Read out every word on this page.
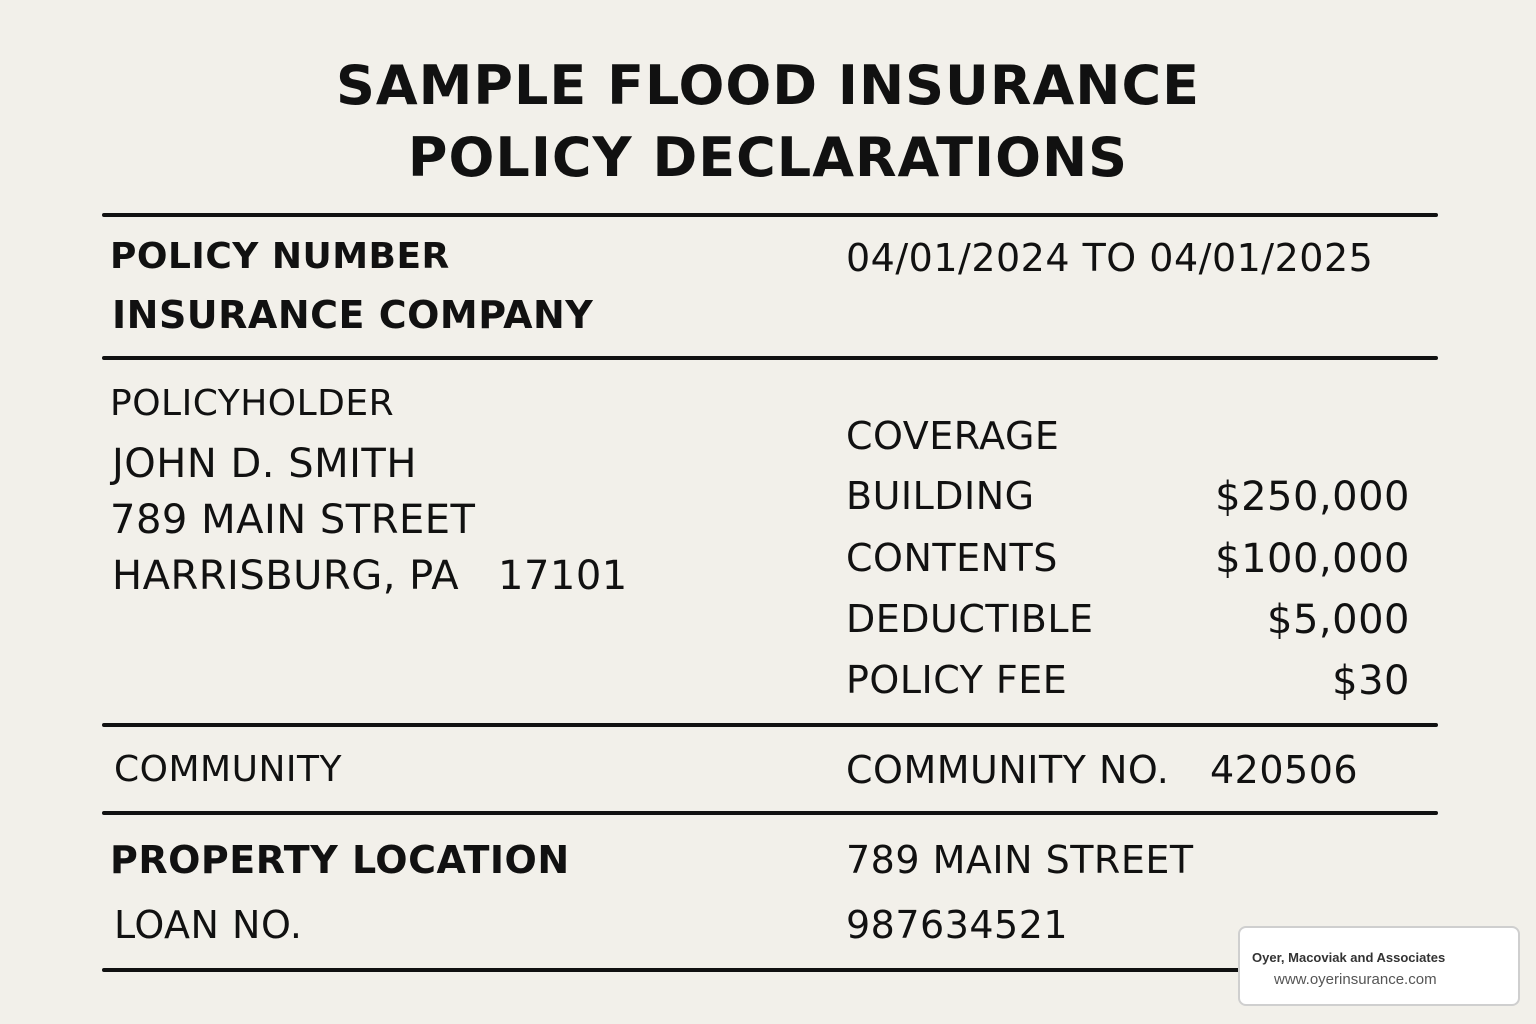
SAMPLE FLOOD INSURANCE
POLICY DECLARATIONS
POLICY NUMBER	04/01/2024 TO 04/01/2025
INSURANCE COMPANY
POLICYHOLDER
JOHN D. SMITH
789 MAIN STREET
HARRISBURG, PA 17101
COVERAGE
BUILDING	$250,000
CONTENTS	$100,000
DEDUCTIBLE	$5,000
POLICY FEE	$30
COMMUNITY	COMMUNITY NO. 420506
PROPERTY LOCATION	789 MAIN STREET
LOAN NO.	987634521
Oyer, Macoviak and Associates
www.oyerinsurance.com
